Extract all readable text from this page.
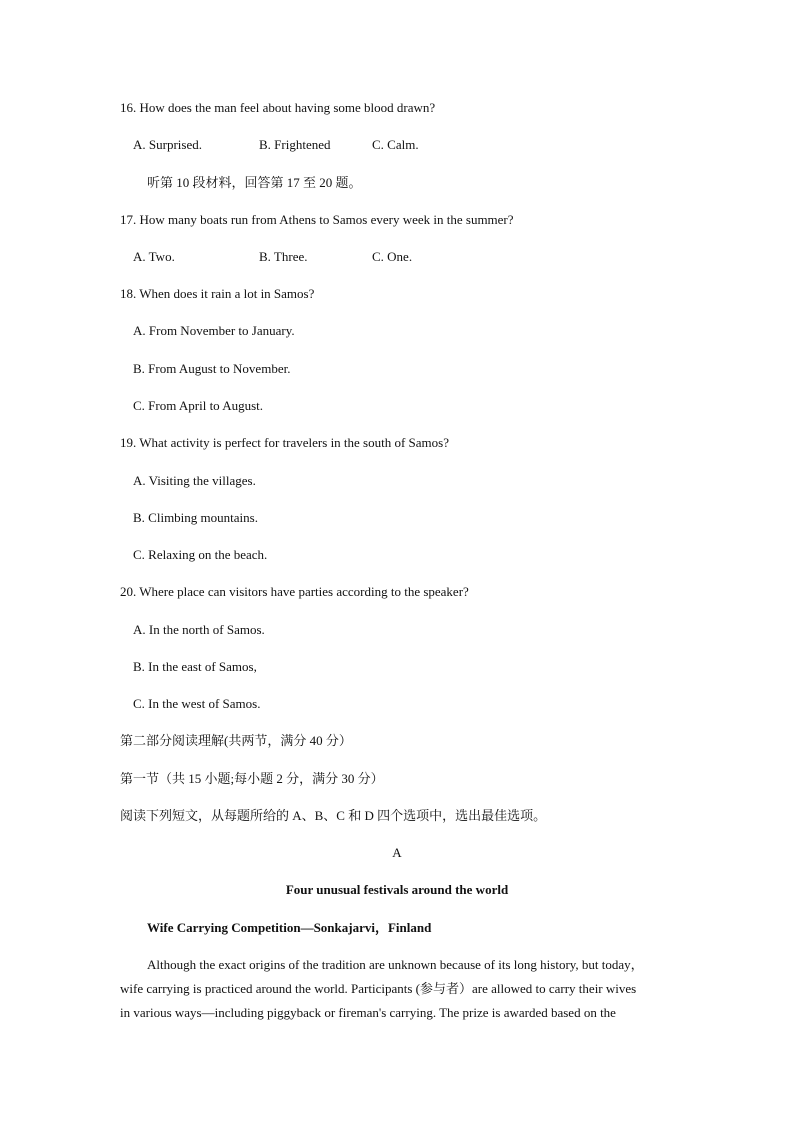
16. How does the man feel about having some blood drawn?
A. Surprised.	B. Frightened	C. Calm.
听第 10 段材料，回答第 17 至 20 题。
17. How many boats run from Athens to Samos every week in the summer?
A. Two.	B. Three.	C. One.
18. When does it rain a lot in Samos?
A. From November to January.
B. From August to November.
C. From April to August.
19. What activity is perfect for travelers in the south of Samos?
A. Visiting the villages.
B. Climbing mountains.
C. Relaxing on the beach.
20. Where place can visitors have parties according to the speaker?
A. In the north of Samos.
B. In the east of Samos,
C. In the west of Samos.
第二部分阅读理解(共两节，满分 40 分）
第一节（共 15 小题;每小题 2 分，满分 30 分）
阅读下列短文，从每题所给的 A、B、C 和 D 四个选项中，选出最佳选项。
A
Four unusual festivals around the world
Wife Carrying Competition—Sonkajarvi，Finland
Although the exact origins of the tradition are unknown because of its long history, but today，
wife carrying is practiced around the world. Participants (参与者）are allowed to carry their wives
in various ways—including piggyback or fireman's carrying. The prize is awarded based on the
